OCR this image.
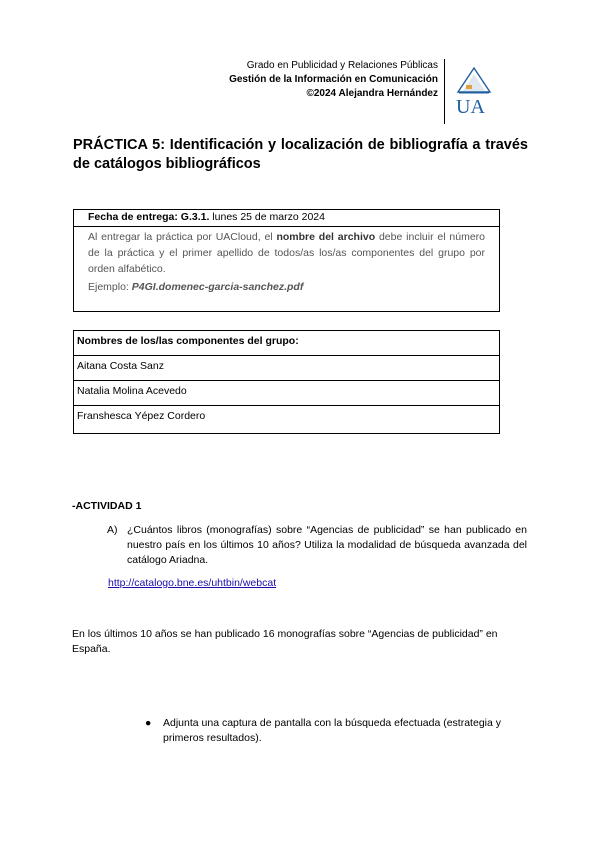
Grado en Publicidad y Relaciones Públicas
Gestión de la Información en Comunicación
©2024 Alejandra Hernández
UA
PRÁCTICA 5: Identificación y localización de bibliografía a través de catálogos bibliográficos
Fecha de entrega: G.3.1. lunes 25 de marzo 2024
Al entregar la práctica por UACloud, el nombre del archivo debe incluir el número de la práctica y el primer apellido de todos/as los/as componentes del grupo por orden alfabético.
Ejemplo: P4GI.domenec-garcia-sanchez.pdf
Nombres de los/las componentes del grupo:
Aitana Costa Sanz
Natalia Molina Acevedo
Franshesca Yépez Cordero
-ACTIVIDAD 1
A) ¿Cuántos libros (monografías) sobre “Agencias de publicidad” se han publicado en nuestro país en los últimos 10 años? Utiliza la modalidad de búsqueda avanzada del catálogo Ariadna.
http://catalogo.bne.es/uhtbin/webcat
En los últimos 10 años se han publicado 16 monografías sobre “Agencias de publicidad” en España.
● Adjunta una captura de pantalla con la búsqueda efectuada (estrategia y primeros resultados).
